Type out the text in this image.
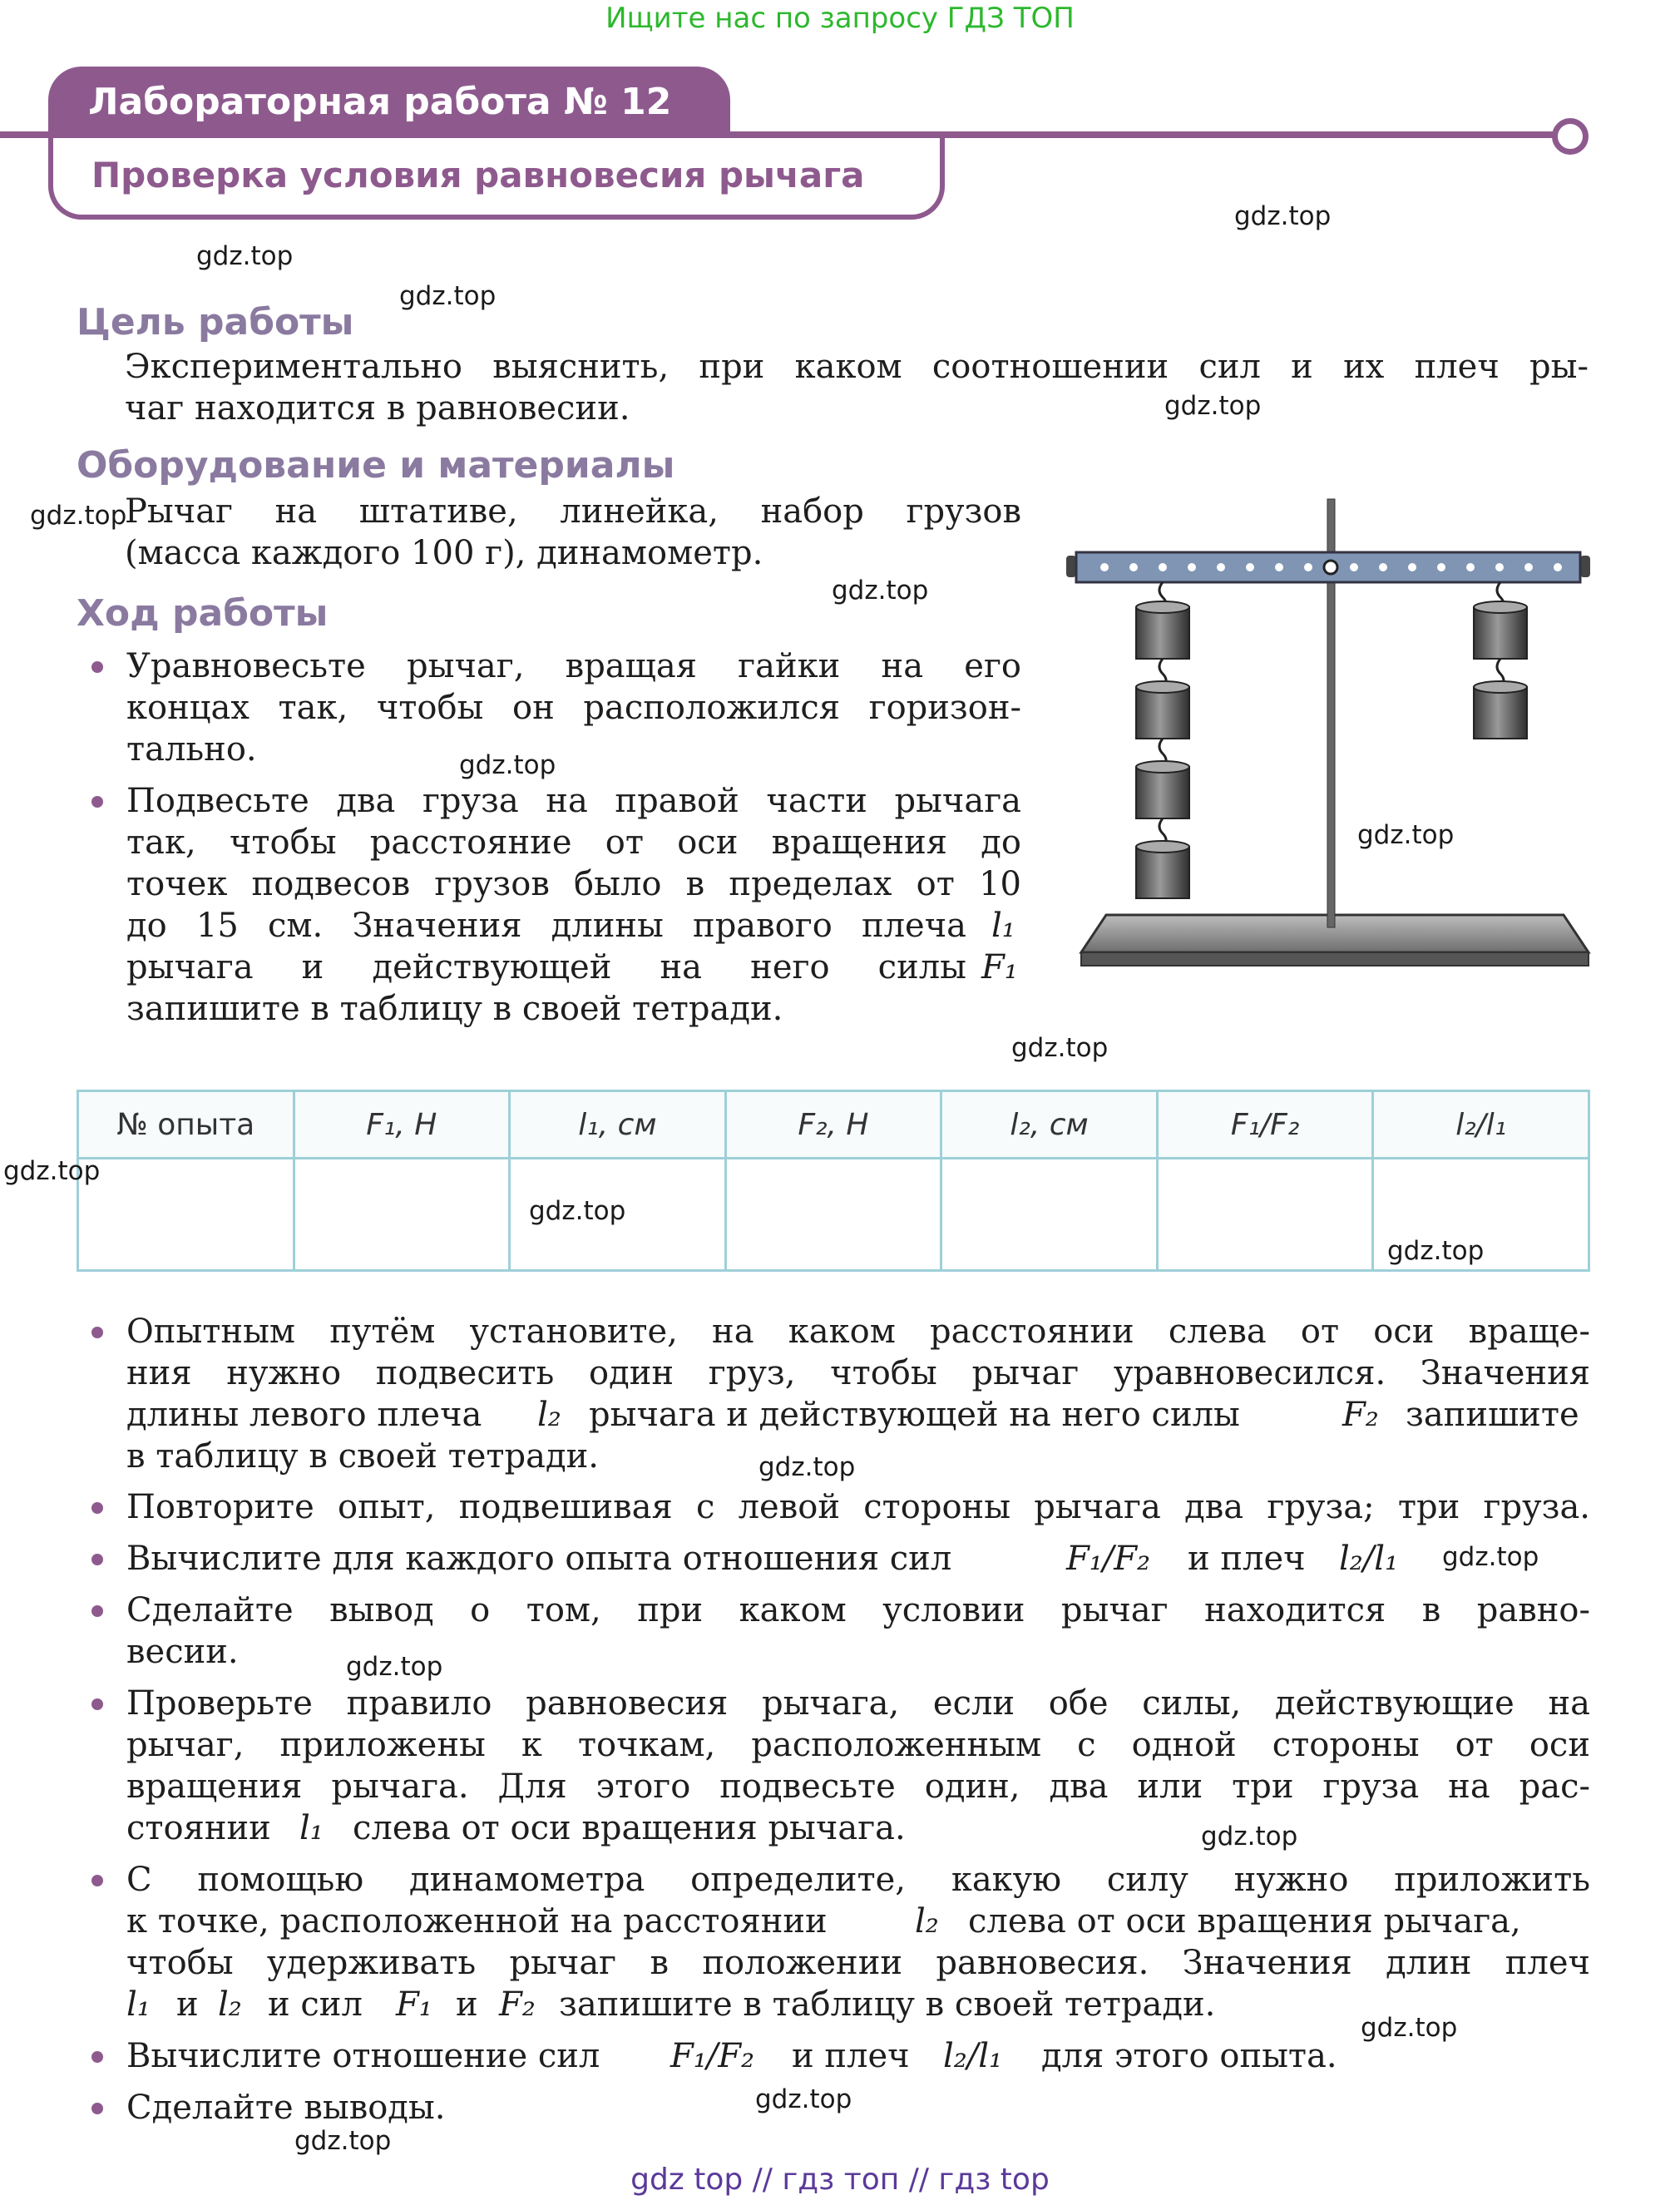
Ищите нас по запросу ГДЗ ТОП
Лабораторная работа № 12
Проверка условия равновесия рычага
Цель работы
Экспериментально выяснить, при каком соотношении сил и их плеч ры-
чаг находится в равновесии.
Оборудование и материалы
Рычаг на штативе, линейка, набор грузов
(масса каждого 100 г), динамометр.
Ход работы
Уравновесьте рычаг, вращая гайки на его
концах так, чтобы он расположился горизон-
тально.
Подвесьте два груза на правой части рычага
так, чтобы расстояние от оси вращения до
точек подвесов грузов было в пределах от 10
до 15 см. Значения длины правого плеча l₁
рычага и действующей на него силы F₁
запишите в таблицу в своей тетради.
№ опыта	F₁, Н	l₁, см	F₂, Н	l₂, см	F₁/F₂	l₂/l₁

Опытным путём установите, на каком расстоянии слева от оси враще-
ния нужно подвесить один груз, чтобы рычаг уравновесился. Значения
длины левого плеча l₂ рычага и действующей на него силы	F₂ запишите
в таблицу в своей тетради.
Повторите опыт, подвешивая с левой стороны рычага два груза; три груза.
Вычислите для каждого опыта отношения сил	F₁/F₂ и плеч l₂/l₁
Сделайте вывод о том, при каком условии рычаг находится в равно-
весии.
Проверьте правило равновесия рычага, если обе силы, действующие на
рычаг, приложены к точкам, расположенным с одной стороны от оси
вращения рычага. Для этого подвесьте один, два или три груза на рас-
стоянии l₁ слева от оси вращения рычага.
С помощью динамометра определите, какую силу нужно приложить
к точке, расположенной на расстоянии	l₂ слева от оси вращения рычага,
чтобы удерживать рычаг в положении равновесия. Значения длин плеч
l₁ и l₂ и сил F₁ и F₂ запишите в таблицу в своей тетради.
Вычислите отношение сил F₁/F₂ и плеч l₂/l₁ для этого опыта.
Сделайте выводы.
gdz.top
gdz.top
gdz.top
gdz.top
gdz.top
gdz.top
gdz.top
gdz.top
gdz.top
gdz.top
gdz.top
gdz.top
gdz.top
gdz.top
gdz.top
gdz.top
gdz.top
gdz.top
gdz.top
gdz top // гдз топ // гдз top
